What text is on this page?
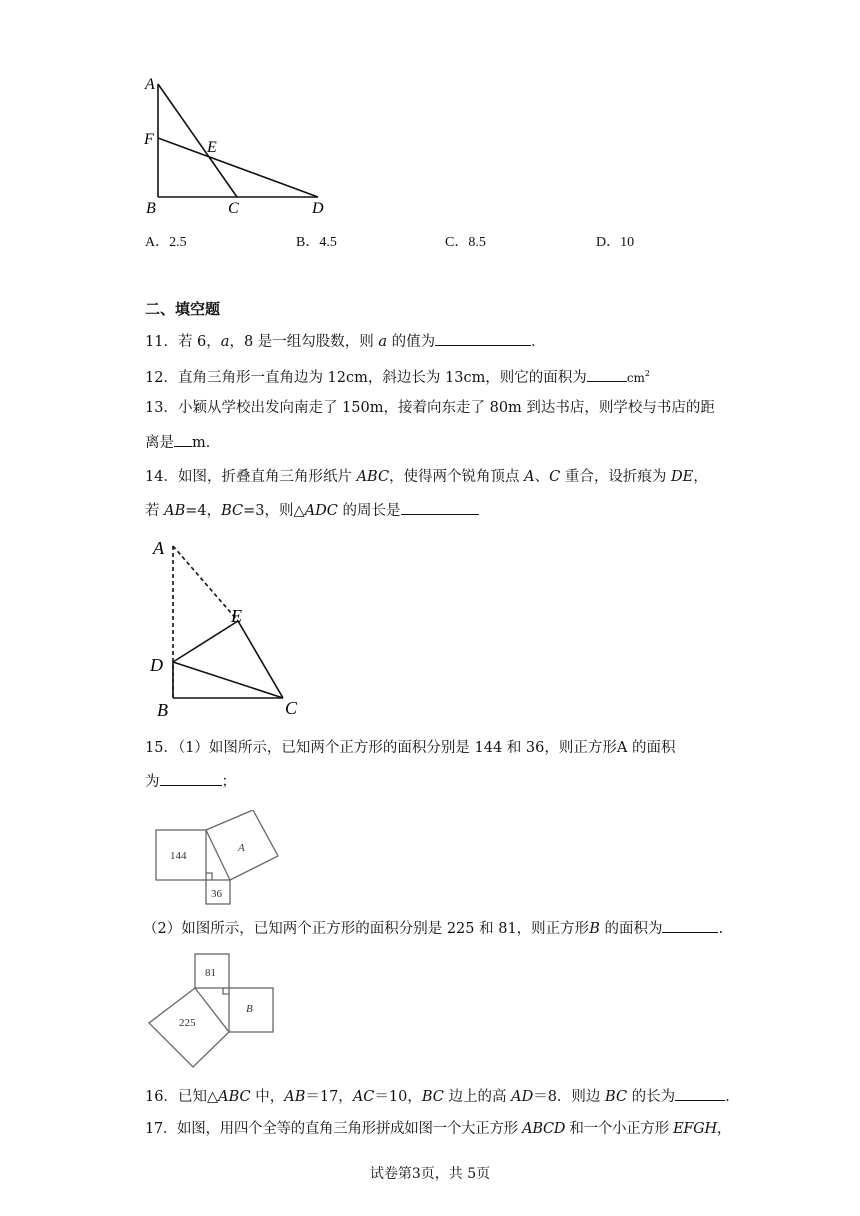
A
F	E
B	C	D
A．2.5	B．4.5	C．8.5	D．10
二、填空题
11．若 6，a，8 是一组勾股数，则 a 的值为	．
12．直角三角形一直角边为 12cm，斜边长为 13cm，则它的面积为	$cm^2$
13．小颖从学校出发向南走了 150m，接着向东走了 80m 到达书店，则学校与书店的距
离是 m．
14．如图，折叠直角三角形纸片 ABC，使得两个锐角顶点 A、C 重合，设折痕为 DE，
若 AB=4，BC=3，则△ADC 的周长是
A
E
D
B	C
15．（1）如图所示，已知两个正方形的面积分别是 144 和 36，则正方形A 的面积
为	；
144
A
36
（2）如图所示，已知两个正方形的面积分别是 225 和 81，则正方形B 的面积为	.
81
225
B
16．已知△ABC 中，AB＝17，AC＝10，BC 边上的高 AD＝8．则边 BC 的长为	．
17．如图，用四个全等的直角三角形拼成如图一个大正方形 ABCD 和一个小正方形 EFGH，
试卷第3页，共 5页
